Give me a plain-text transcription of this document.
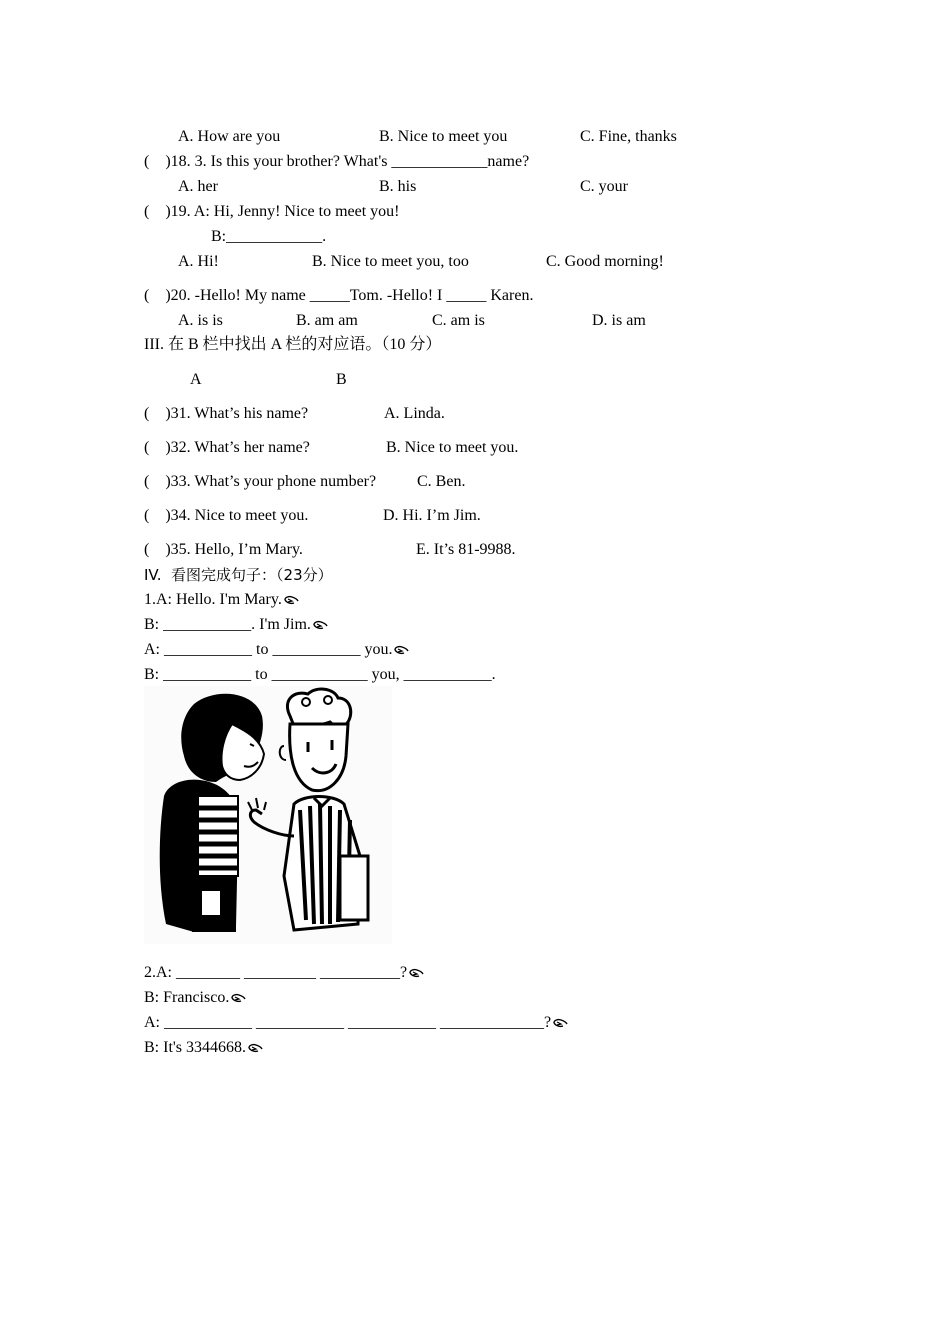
A. How are you	B. Nice to meet you	C. Fine, thanks
(    )18. 3. Is this your brother? What's ____________name?
A. her	B. his	C. your
(    )19. A: Hi, Jenny! Nice to meet you!
B:____________.
A. Hi!	B. Nice to meet you, too	C. Good morning!
(    )20. -Hello! My name _____Tom. -Hello! I _____ Karen.
A. is is	B. am am	C. am is	D. is am
III. 在 B 栏中找出 A 栏的对应语。（10 分）
A	B
(    )31. What’s his name?	A. Linda.
(    )32. What’s her name?	B. Nice to meet you.
(    )33. What’s your phone number?	C. Ben.
(    )34. Nice to meet you.	D. Hi. I’m Jim.
(    )35. Hello, I’m Mary.	E. It’s 81-9988.
IV.  看图完成句子：（23分）
1.A: Hello. I'm Mary.
B: ___________. I'm Jim.
A: ___________ to ___________ you.
B: ___________ to ____________ you, ___________.
2.A: ________ _________ __________?
B: Francisco.
A: ___________ ___________ ___________ _____________?
B: It's 3344668.
